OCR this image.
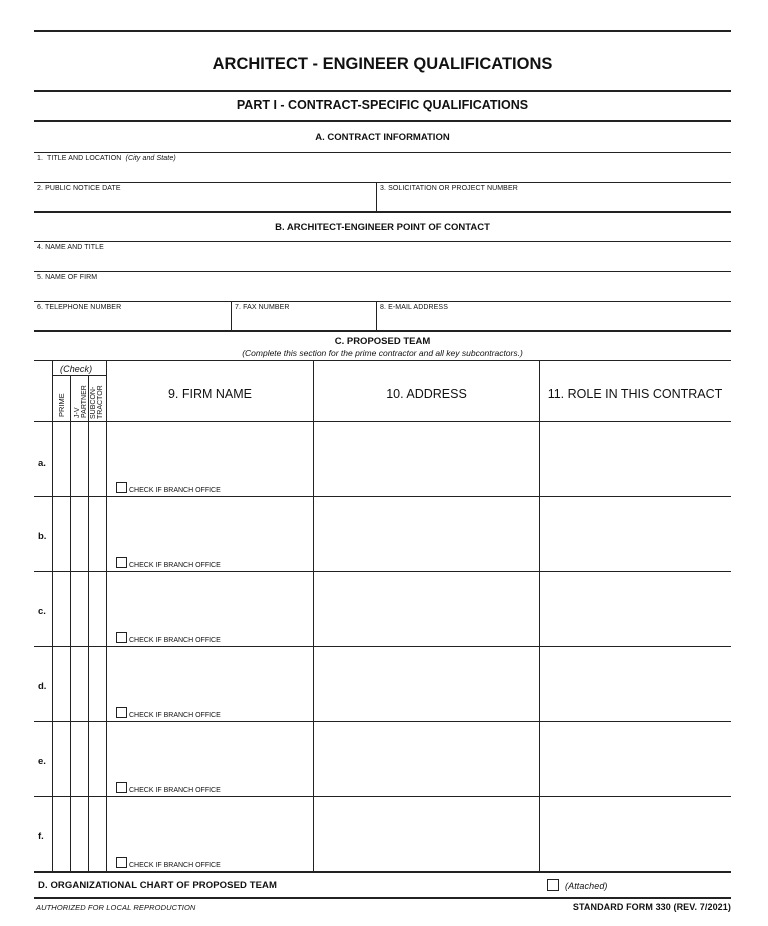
ARCHITECT - ENGINEER QUALIFICATIONS
PART I - CONTRACT-SPECIFIC QUALIFICATIONS
A. CONTRACT INFORMATION
1. TITLE AND LOCATION (City and State)
2. PUBLIC NOTICE DATE	3. SOLICITATION OR PROJECT NUMBER
B. ARCHITECT-ENGINEER POINT OF CONTACT
4. NAME AND TITLE
5. NAME OF FIRM
6. TELEPHONE NUMBER	7. FAX NUMBER	8. E-MAIL ADDRESS
C. PROPOSED TEAM
(Complete this section for the prime contractor and all key subcontractors.)
(Check)
PRIME J-V PARTNER SUBCON-TRACTOR	9. FIRM NAME	10. ADDRESS	11. ROLE IN THIS CONTRACT
a.
CHECK IF BRANCH OFFICE
b.
CHECK IF BRANCH OFFICE
c.
CHECK IF BRANCH OFFICE
d.
CHECK IF BRANCH OFFICE
e.
CHECK IF BRANCH OFFICE
f.
CHECK IF BRANCH OFFICE
D. ORGANIZATIONAL CHART OF PROPOSED TEAM	(Attached)
AUTHORIZED FOR LOCAL REPRODUCTION	STANDARD FORM 330 (REV. 7/2021)
